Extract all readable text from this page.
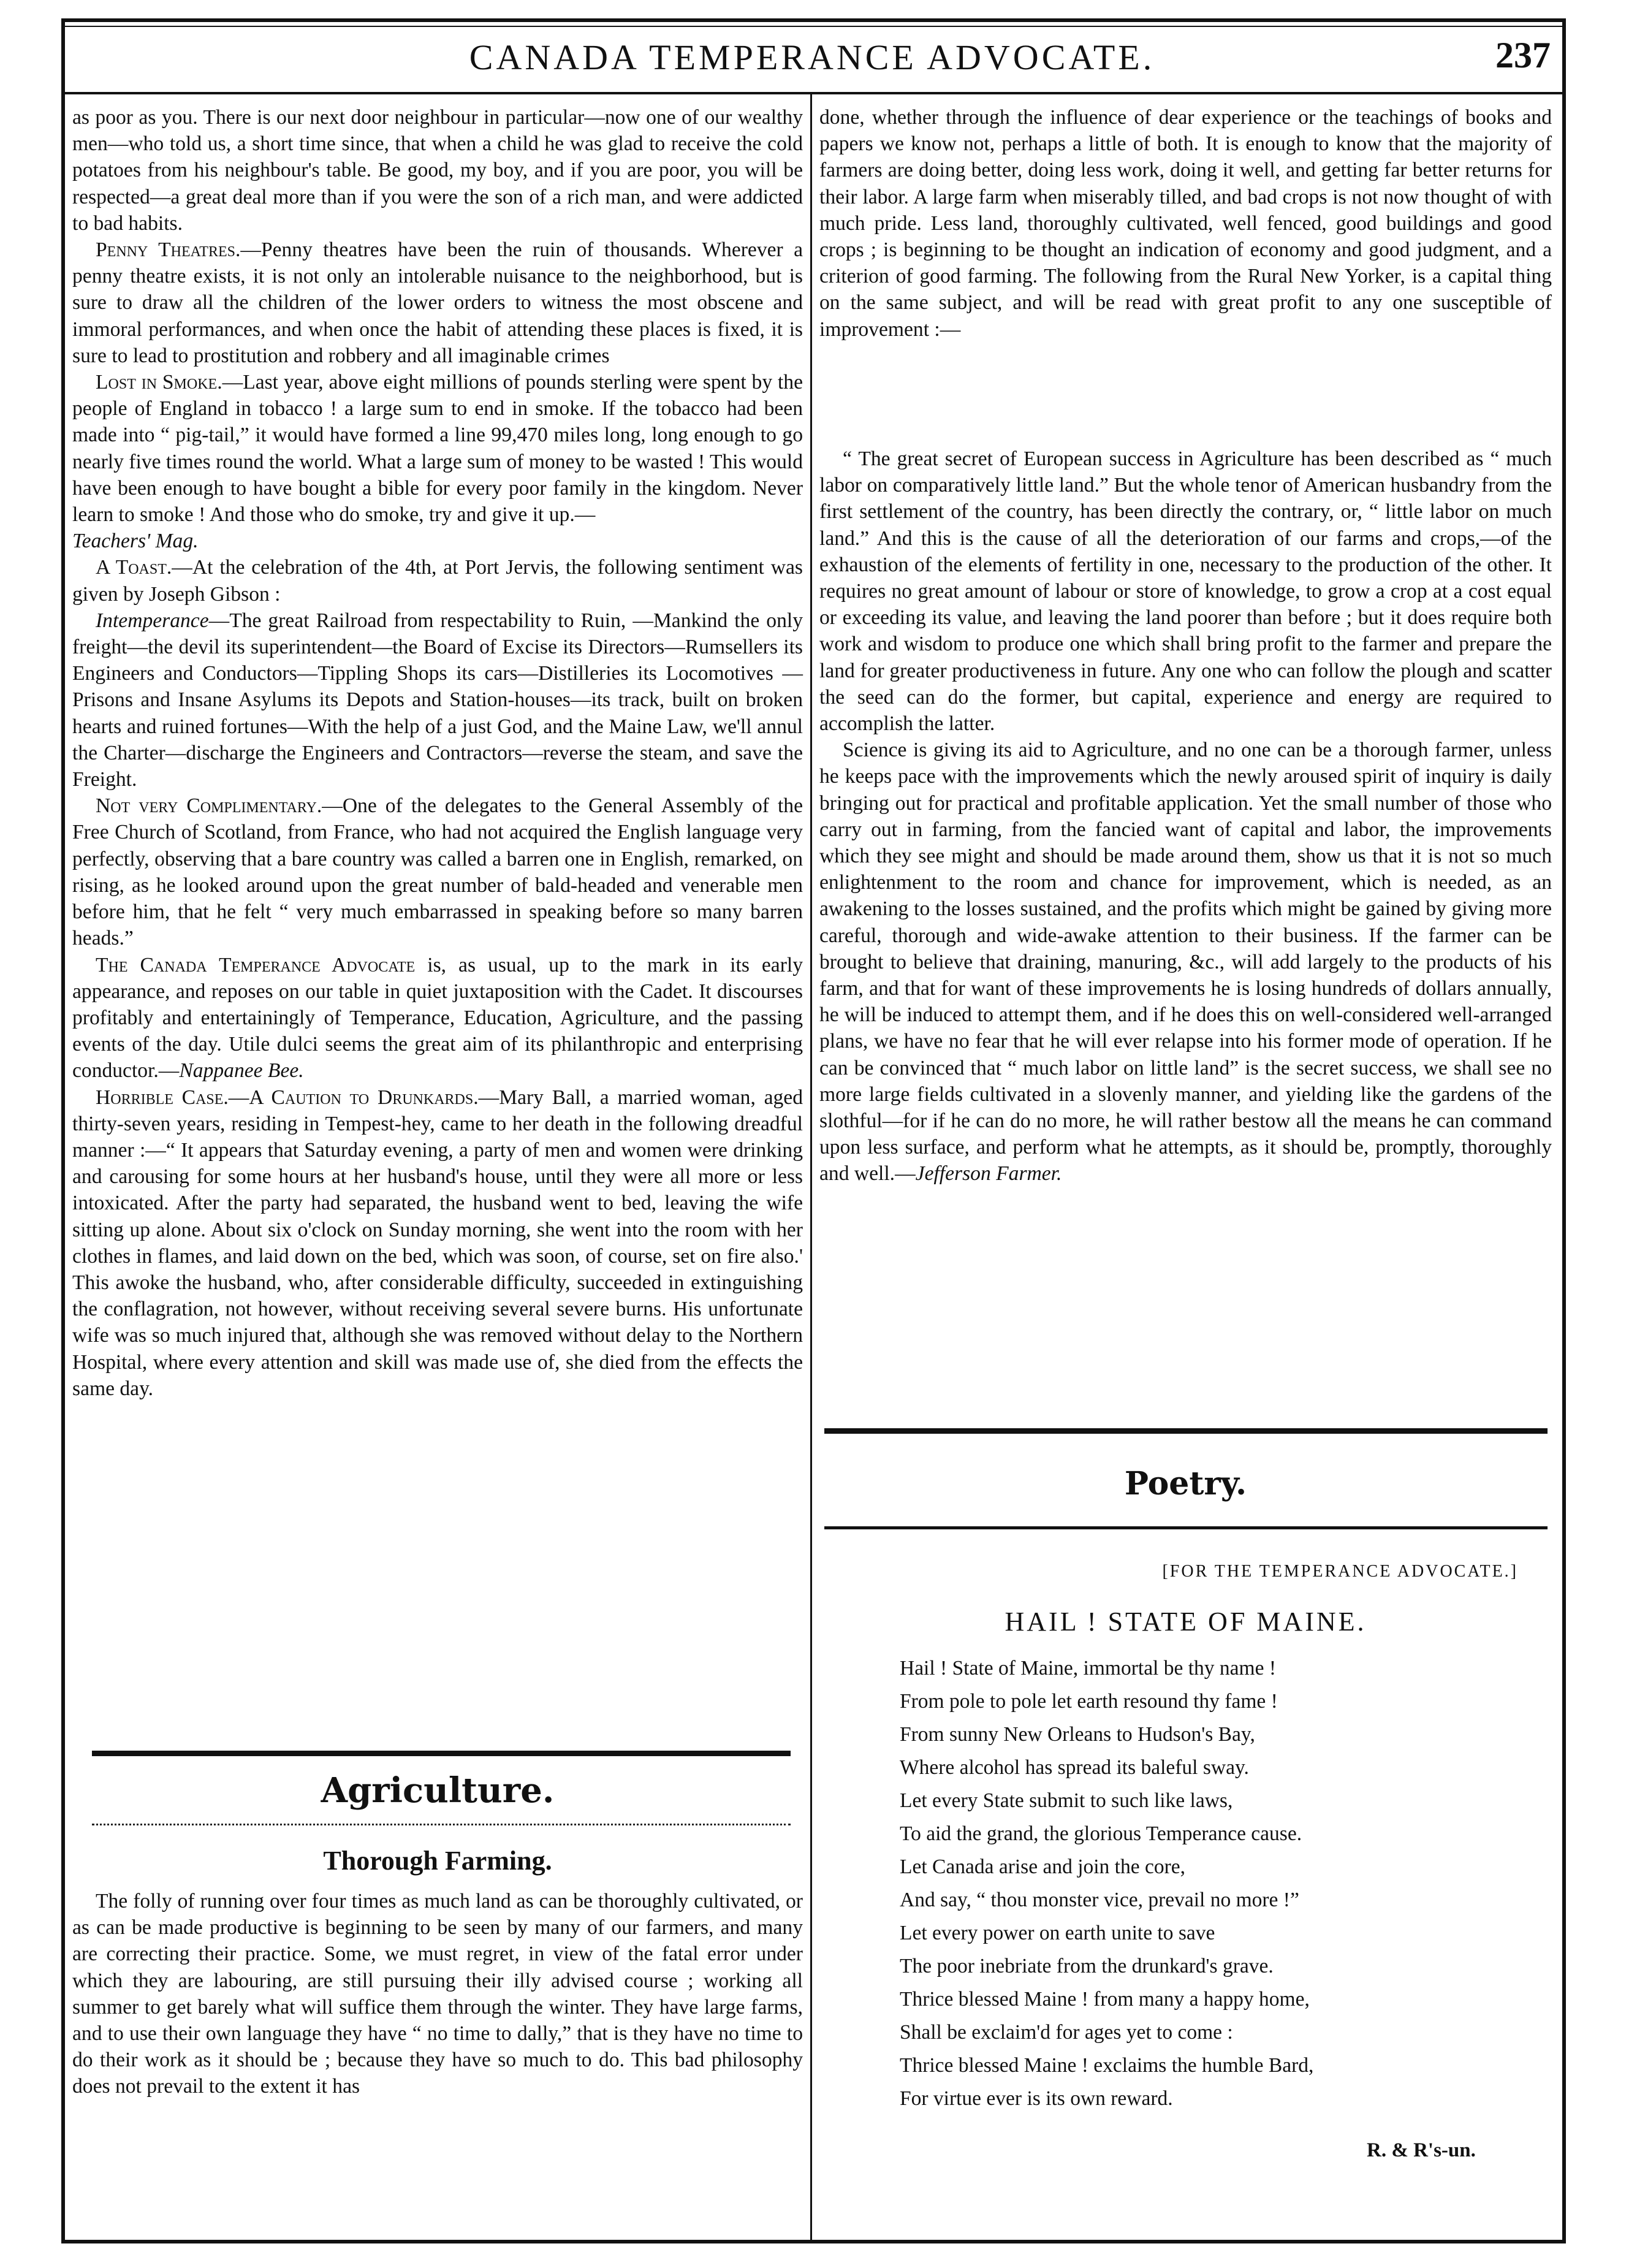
CANADA TEMPERANCE ADVOCATE.	237

as poor as you. There is our next door neighbour in particular—now one of our wealthy men—who told us, a short time since, that when a child he was glad to receive the cold potatoes from his neighbour's table. Be good, my boy, and if you are poor, you will be respected—a great deal more than if you were the son of a rich man, and were addicted to bad habits.

Penny Theatres.—Penny theatres have been the ruin of thousands. Wherever a penny theatre exists, it is not only an intolerable nuisance to the neighborhood, but is sure to draw all the children of the lower orders to witness the most obscene and immoral performances, and when once the habit of attending these places is fixed, it is sure to lead to prostitution and robbery and all imaginable crimes

Lost in Smoke.—Last year, above eight millions of pounds sterling were spent by the people of England in tobacco ! a large sum to end in smoke. If the tobacco had been made into “ pig-tail,” it would have formed a line 99,470 miles long, long enough to go nearly five times round the world. What a large sum of money to be wasted ! This would have been enough to have bought a bible for every poor family in the kingdom. Never learn to smoke ! And those who do smoke, try and give it up.—
Teachers' Mag.

A Toast.—At the celebration of the 4th, at Port Jervis, the following sentiment was given by Joseph Gibson :

Intemperance—The great Railroad from respectability to Ruin, —Mankind the only freight—the devil its superintendent—the Board of Excise its Directors—Rumsellers its Engineers and Conductors—Tippling Shops its cars—Distilleries its Locomotives —Prisons and Insane Asylums its Depots and Station-houses—its track, built on broken hearts and ruined fortunes—With the help of a just God, and the Maine Law, we'll annul the Charter—discharge the Engineers and Contractors—reverse the steam, and save the Freight.

Not very Complimentary.—One of the delegates to the General Assembly of the Free Church of Scotland, from France, who had not acquired the English language very perfectly, observing that a bare country was called a barren one in English, remarked, on rising, as he looked around upon the great number of bald-headed and venerable men before him, that he felt “ very much embarrassed in speaking before so many barren heads.”

The Canada Temperance Advocate is, as usual, up to the mark in its early appearance, and reposes on our table in quiet juxtaposition with the Cadet. It discourses profitably and entertainingly of Temperance, Education, Agriculture, and the passing events of the day. Utile dulci seems the great aim of its philanthropic and enterprising conductor.—Nappanee Bee.

Horrible Case.—A Caution to Drunkards.—Mary Ball, a married woman, aged thirty-seven years, residing in Tempest-hey, came to her death in the following dreadful manner :—“ It appears that Saturday evening, a party of men and women were drinking and carousing for some hours at her husband's house, until they were all more or less intoxicated. After the party had separated, the husband went to bed, leaving the wife sitting up alone. About six o'clock on Sunday morning, she went into the room with her clothes in flames, and laid down on the bed, which was soon, of course, set on fire also.' This awoke the husband, who, after considerable difficulty, succeeded in extinguishing the conflagration, not however, without receiving several severe burns. His unfortunate wife was so much injured that, although she was removed without delay to the Northern Hospital, where every attention and skill was made use of, she died from the effects the same day.

Agriculture.
Thorough Farming.

The folly of running over four times as much land as can be thoroughly cultivated, or as can be made productive is beginning to be seen by many of our farmers, and many are correcting their practice. Some, we must regret, in view of the fatal error under which they are labouring, are still pursuing their illy advised course ; working all summer to get barely what will suffice them through the winter. They have large farms, and to use their own language they have “ no time to dally,” that is they have no time to do their work as it should be ; because they have so much to do. This bad philosophy does not prevail to the extent it has

done, whether through the influence of dear experience or the teachings of books and papers we know not, perhaps a little of both. It is enough to know that the majority of farmers are doing better, doing less work, doing it well, and getting far better returns for their labor. A large farm when miserably tilled, and bad crops is not now thought of with much pride. Less land, thoroughly cultivated, well fenced, good buildings and good crops ; is beginning to be thought an indication of economy and good judgment, and a criterion of good farming. The following from the Rural New Yorker, is a capital thing on the same subject, and will be read with great profit to any one susceptible of improvement :—

“ The great secret of European success in Agriculture has been described as “ much labor on comparatively little land.” But the whole tenor of American husbandry from the first settlement of the country, has been directly the contrary, or, “ little labor on much land.” And this is the cause of all the deterioration of our farms and crops,—of the exhaustion of the elements of fertility in one, necessary to the production of the other. It requires no great amount of labour or store of knowledge, to grow a crop at a cost equal or exceeding its value, and leaving the land poorer than before ; but it does require both work and wisdom to produce one which shall bring profit to the farmer and prepare the land for greater productiveness in future. Any one who can follow the plough and scatter the seed can do the former, but capital, experience and energy are required to accomplish the latter.

Science is giving its aid to Agriculture, and no one can be a thorough farmer, unless he keeps pace with the improvements which the newly aroused spirit of inquiry is daily bringing out for practical and profitable application. Yet the small number of those who carry out in farming, from the fancied want of capital and labor, the improvements which they see might and should be made around them, show us that it is not so much enlightenment to the room and chance for improvement, which is needed, as an awakening to the losses sustained, and the profits which might be gained by giving more careful, thorough and wide-awake attention to their business. If the farmer can be brought to believe that draining, manuring, &c., will add largely to the products of his farm, and that for want of these improvements he is losing hundreds of dollars annually, he will be induced to attempt them, and if he does this on well-considered well-arranged plans, we have no fear that he will ever relapse into his former mode of operation. If he can be convinced that “ much labor on little land” is the secret success, we shall see no more large fields cultivated in a slovenly manner, and yielding like the gardens of the slothful—for if he can do no more, he will rather bestow all the means he can command upon less surface, and perform what he attempts, as it should be, promptly, thoroughly and well.—Jefferson Farmer.

Poetry.
[FOR THE TEMPERANCE ADVOCATE.]
HAIL ! STATE OF MAINE.
Hail ! State of Maine, immortal be thy name !
From pole to pole let earth resound thy fame !
From sunny New Orleans to Hudson's Bay,
Where alcohol has spread its baleful sway.
Let every State submit to such like laws,
To aid the grand, the glorious Temperance cause.
Let Canada arise and join the core,
And say, “ thou monster vice, prevail no more !”
Let every power on earth unite to save
The poor inebriate from the drunkard's grave.
Thrice blessed Maine ! from many a happy home,
Shall be exclaim'd for ages yet to come :
Thrice blessed Maine ! exclaims the humble Bard,
For virtue ever is its own reward.
R. & R's-un.
